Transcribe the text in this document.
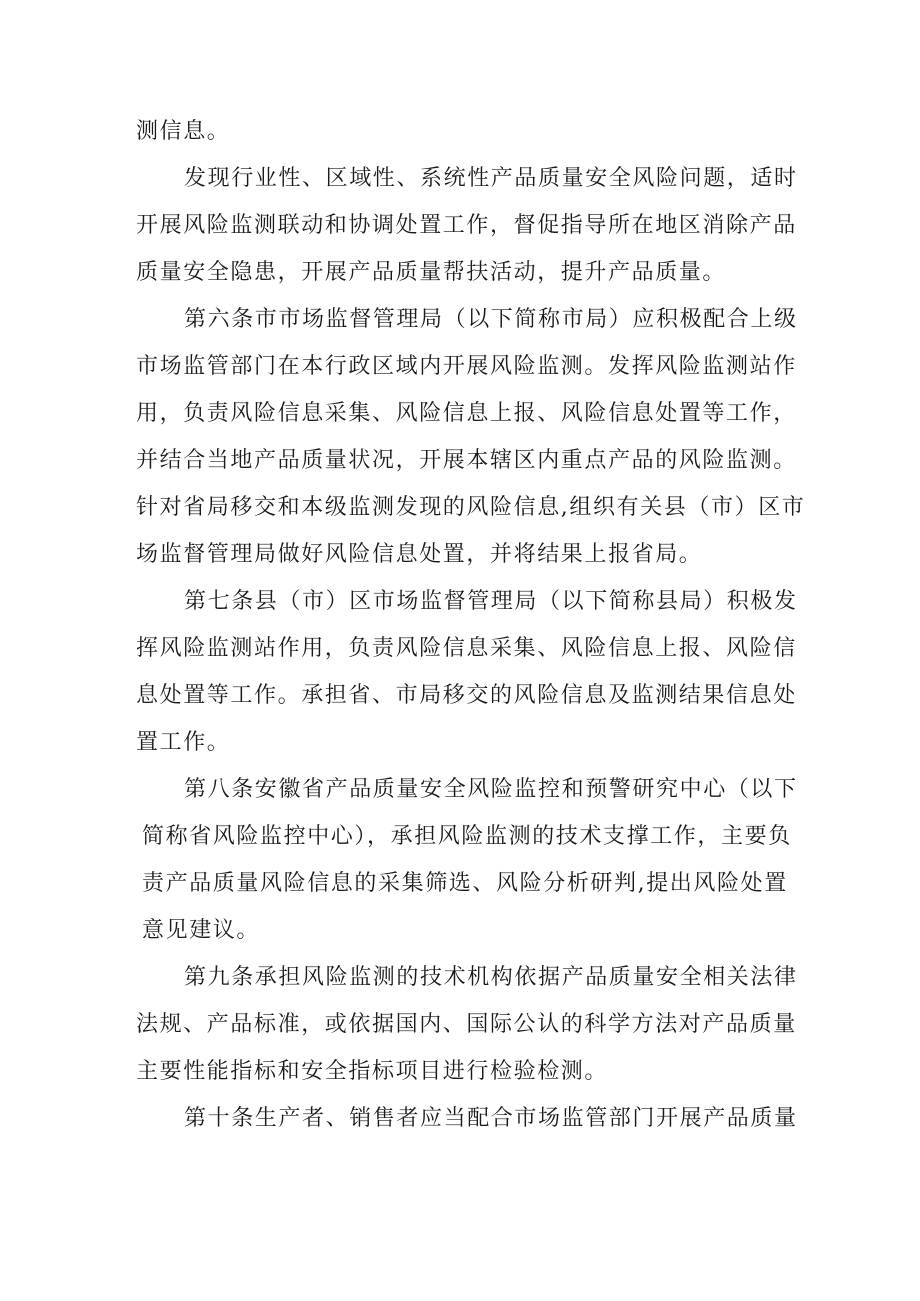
测信息。

发现行业性、区域性、系统性产品质量安全风险问题，适时
开展风险监测联动和协调处置工作，督促指导所在地区消除产品
质量安全隐患，开展产品质量帮扶活动，提升产品质量。

第六条市市场监督管理局（以下简称市局）应积极配合上级
市场监管部门在本行政区域内开展风险监测。发挥风险监测站作
用，负责风险信息采集、风险信息上报、风险信息处置等工作，
并结合当地产品质量状况，开展本辖区内重点产品的风险监测。
针对省局移交和本级监测发现的风险信息,组织有关县（市）区市
场监督管理局做好风险信息处置，并将结果上报省局。

第七条县（市）区市场监督管理局（以下简称县局）积极发
挥风险监测站作用，负责风险信息采集、风险信息上报、风险信
息处置等工作。承担省、市局移交的风险信息及监测结果信息处
置工作。

第八条安徽省产品质量安全风险监控和预警研究中心（以下
简称省风险监控中心），承担风险监测的技术支撑工作，主要负
责产品质量风险信息的采集筛选、风险分析研判,提出风险处置
意见建议。

第九条承担风险监测的技术机构依据产品质量安全相关法律
法规、产品标准，或依据国内、国际公认的科学方法对产品质量
主要性能指标和安全指标项目进行检验检测。

第十条生产者、销售者应当配合市场监管部门开展产品质量
